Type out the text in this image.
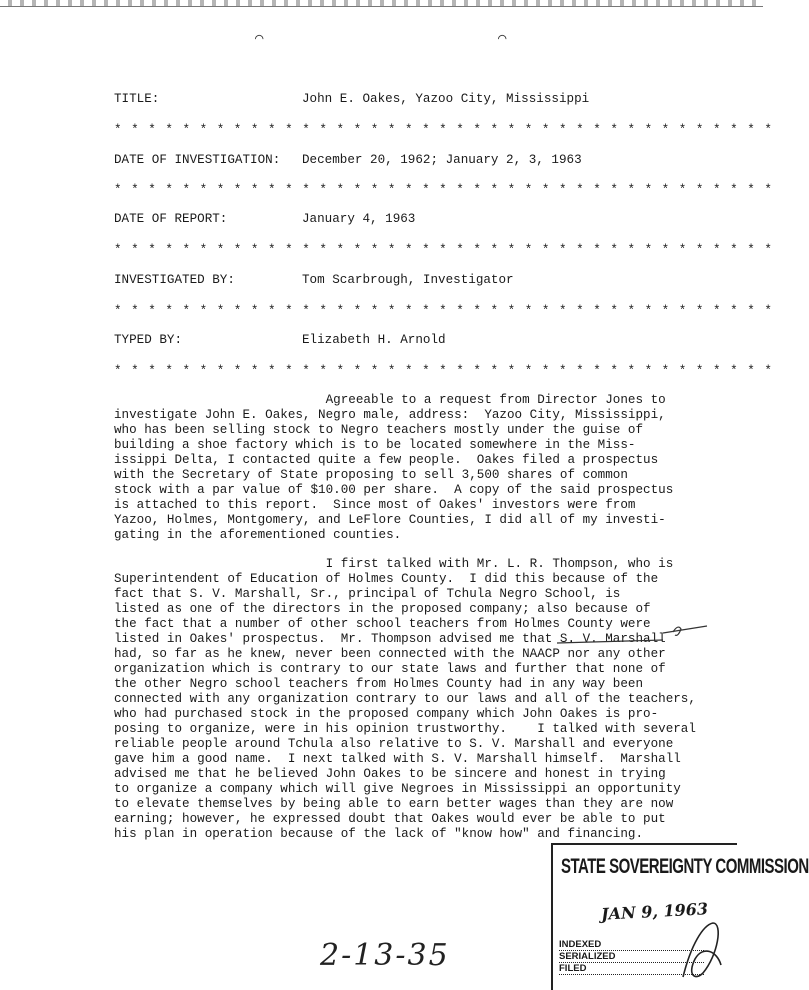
⌒	⌒

TITLE:

	John E. Oakes, Yazoo City, Mississippi

* * * * * * * * * * * * * * * * * * * * * * * * * * * * * * * * * * * * * * *

DATE OF INVESTIGATION:

December 20, 1962; January 2, 3, 1963

* * * * * * * * * * * * * * * * * * * * * * * * * * * * * * * * * * * * * * *

DATE OF REPORT:

	January 4, 1963

* * * * * * * * * * * * * * * * * * * * * * * * * * * * * * * * * * * * * * *

INVESTIGATED BY:

	Tom Scarbrough, Investigator

* * * * * * * * * * * * * * * * * * * * * * * * * * * * * * * * * * * * * * *

TYPED BY:

	Elizabeth H. Arnold

* * * * * * * * * * * * * * * * * * * * * * * * * * * * * * * * * * * * * * *
Agreeable to a request from Director Jones to
investigate John E. Oakes, Negro male, address:  Yazoo City, Mississippi,
who has been selling stock to Negro teachers mostly under the guise of
building a shoe factory which is to be located somewhere in the Miss-
issippi Delta, I contacted quite a few people.  Oakes filed a prospectus
with the Secretary of State proposing to sell 3,500 shares of common
stock with a par value of $10.00 per share.  A copy of the said prospectus
is attached to this report.  Since most of Oakes' investors were from
Yazoo, Holmes, Montgomery, and LeFlore Counties, I did all of my investi-
gating in the aforementioned counties.
I first talked with Mr. L. R. Thompson, who is
Superintendent of Education of Holmes County.  I did this because of the
fact that S. V. Marshall, Sr., principal of Tchula Negro School, is
listed as one of the directors in the proposed company; also because of
the fact that a number of other school teachers from Holmes County were
listed in Oakes' prospectus.  Mr. Thompson advised me that S. V. Marshall
had, so far as he knew, never been connected with the NAACP nor any other
organization which is contrary to our state laws and further that none of
the other Negro school teachers from Holmes County had in any way been
connected with any organization contrary to our laws and all of the teachers,
who had purchased stock in the proposed company which John Oakes is pro-
posing to organize, were in his opinion trustworthy.    I talked with several
reliable people around Tchula also relative to S. V. Marshall and everyone
gave him a good name.  I next talked with S. V. Marshall himself.  Marshall
advised me that he believed John Oakes to be sincere and honest in trying
to organize a company which will give Negroes in Mississippi an opportunity
to elevate themselves by being able to earn better wages than they are now
earning; however, he expressed doubt that Oakes would ever be able to put
his plan in operation because of the lack of "know how" and financing.
STATE SOVEREIGNTY COMMISSION
JAN 9, 1963
INDEXED
SERIALIZED
FILED
2-13-35
